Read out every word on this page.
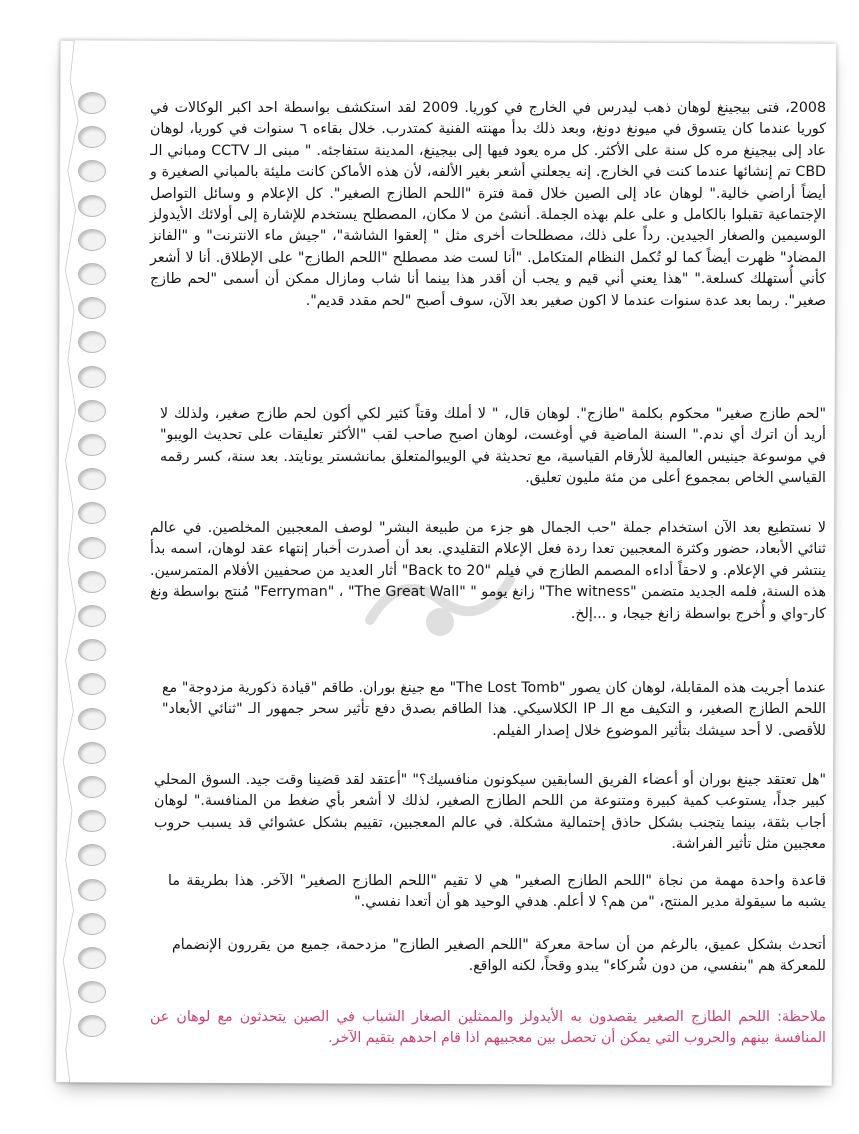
2008، فتى بيجينغ لوهان ذهب ليدرس في الخارج في كوريا. 2009 لقد استكشف بواسطة احد اكبر الوكالات في كوريا عندما كان يتسوق في ميونغ دونغ، وبعد ذلك بدأ مهنته الفنية كمتدرب. خلال بقاءه ٦ سنوات في كوريا، لوهان عاد إلى بيجينغ مره كل سنة على الأكثر. كل مره يعود فيها إلى بيجينغ، المدينة ستفاجئه. " مبنى الـ CCTV ومباني الـ CBD تم إنشائها عندما كنت في الخارج. إنه يجعلني أشعر بغير الألفه، لأن هذه الأماكن كانت مليئة بالمباني الصغيرة و أيضاً أراضي خالية." لوهان عاد إلى الصين خلال قمة فترة "اللحم الطازج الصغير". كل الإعلام و وسائل التواصل الإجتماعية تقبلوا بالكامل و على علم بهذه الجملة. أنشئ من لا مكان، المصطلح يستخدم للإشارة إلى أولائك الأيدولز الوسيمين والصغار الجيدين. رداً على ذلك، مصطلحات أخرى مثل " إلعقوا الشاشة"، "جيش ماء الانترنت" و "الفانز المضاد" ظهرت أيضاً كما لو تُكمل النظام المتكامل. "أنا لست ضد مصطلح "اللحم الطازج" على الإطلاق. أنا لا أشعر كأني أُستهلك كسلعة." "هذا يعني أني قيم و يجب أن أقدر هذا بينما أنا شاب ومازال ممكن أن أسمى "لحم طازج صغير". ربما بعد عدة سنوات عندما لا اكون صغير بعد الآن، سوف أصبح "لحم مقدد قديم".

"لحم طازج صغير" محكوم بكلمة "طازج". لوهان قال، " لا أملك وقتاً كثير لكي أكون لحم طازج صغير، ولذلك لا أريد أن اترك أي ندم." السنة الماضية في أوغست، لوهان اصبح صاحب لقب "الأكثر تعليقات على تحديث الويبو" في موسوعة جينيس العالمية للأرقام القياسية، مع تحديثة في الويبوالمتعلق بمانشستر يونايتد. بعد سنة، كسر رقمه القياسي الخاص بمجموع أعلى من مئة مليون تعليق.

لا نستطيع بعد الآن استخدام جملة "حب الجمال هو جزء من طبيعة البشر" لوصف المعجبين المخلصين. في عالم ثنائي الأبعاد، حضور وكثرة المعجبين تعدا ردة فعل الإعلام التقليدي. بعد أن أصدرت أخبار إنتهاء عقد لوهان، اسمه بدأ ينتشر في الإعلام. و لاحقاً أداءه المصمم الطازج في فيلم "Back to 20" أثار العديد من صحفيين الأفلام المتمرسين. هذه السنة، فلمه الجديد متضمن "The witness" زانغ يومو " "Ferryman" ، "The Great Wall" مُنتج بواسطة ونغ كار-واي و أُخرج بواسطة زانغ جيجا، و ...إلخ.

عندما أجريت هذه المقابلة، لوهان كان يصور "The Lost Tomb" مع جينغ بوران. طاقم "قيادة ذكورية مزدوجة" مع اللحم الطازج الصغير، و التكيف مع الـ IP الكلاسيكي. هذا الطاقم بصدق دفع تأثير سحر جمهور الـ "ثنائي الأبعاد" للأقصى. لا أحد سيشك بتأثير الموضوع خلال إصدار الفيلم.

"هل تعتقد جينغ بوران أو أعضاء الفريق السابقين سيكونون منافسيك؟" "أعتقد لقد قضينا وقت جيد. السوق المحلي كبير جداً، يستوعب كمية كبيرة ومتنوعة من اللحم الطازج الصغير، لذلك لا أشعر بأي ضغط من المنافسة." لوهان أجاب بثقة، بينما يتجنب بشكل حاذق إحتمالية مشكلة. في عالم المعجبين، تقييم بشكل عشوائي قد يسبب حروب معجبين مثل تأثير الفراشة.

قاعدة واحدة مهمة من نجاة "اللحم الطازج الصغير" هي لا تقيم "اللحم الطازج الصغير" الآخر. هذا بطريقة ما يشبه ما سيقولة مدير المنتج، "من هم؟ لا أعلم. هدفي الوحيد هو أن أتعدا نفسي."

أتحدث بشكل عميق، بالرغم من أن ساحة معركة "اللحم الصغير الطازج" مزدحمة، جميع من يقررون الإنضمام للمعركة هم "بنفسي، من دون شُركاء" يبدو وقحاً، لكنه الواقع.

ملاحظة: اللحم الطازج الصغير يقصدون به الأيدولز والممثلين الصغار الشباب في الصين يتحدثون مع لوهان عن المنافسة بينهم والحروب التي يمكن أن تحصل بين معجبيهم اذا قام احدهم بتقيم الآخر.
